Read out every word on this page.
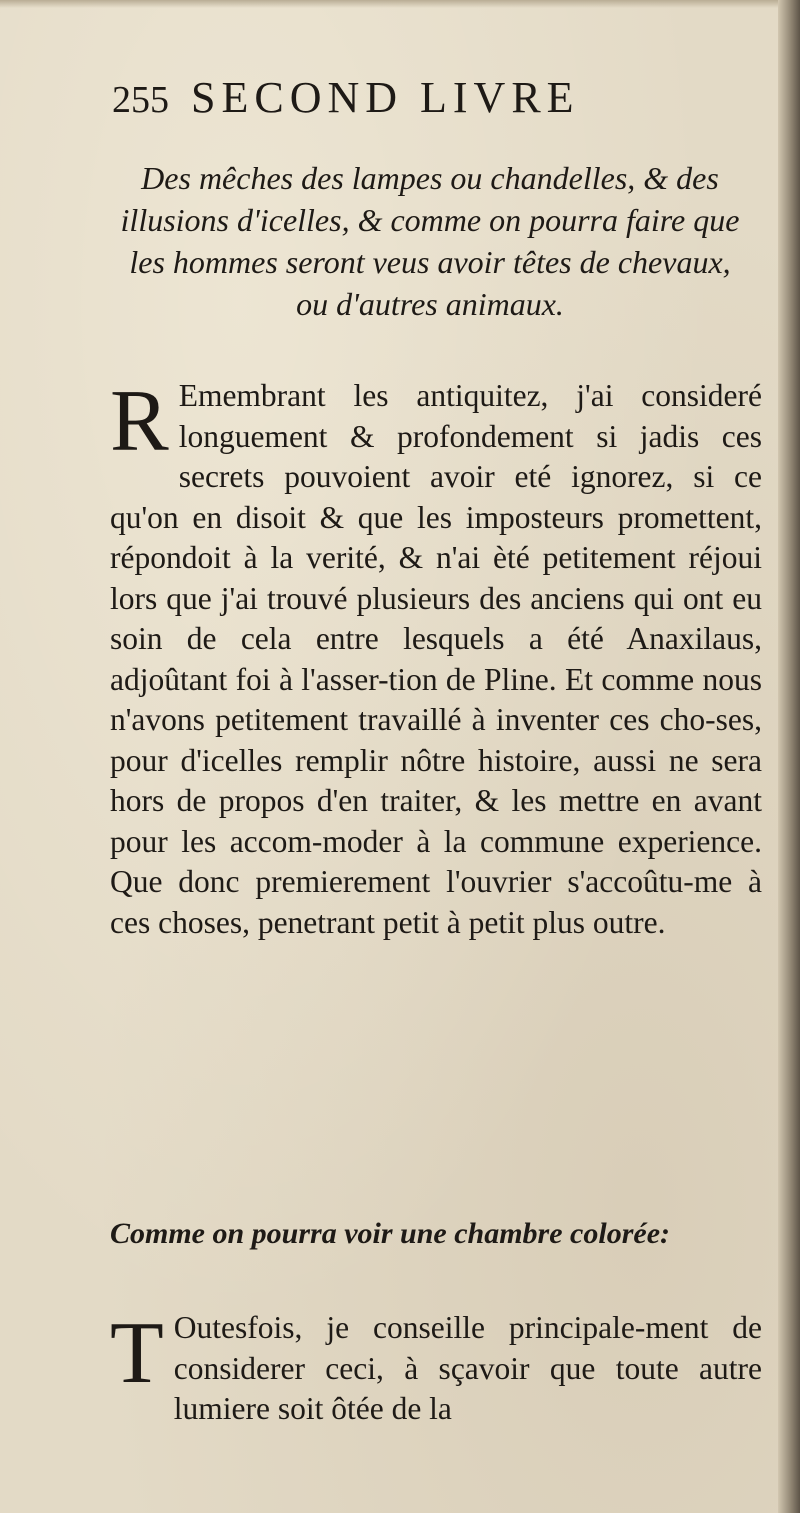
255 SECOND LIVRE
Des mêches des lampes ou chandelles, & des illusions d'icelles, & comme on pourra faire que les hommes seront veus avoir têtes de chevaux, ou d'autres animaux.
R Emembrant les antiquitez, j'ai consideré longuement & profondement si jadis ces secrets pouvoient avoir eté ignorez, si ce qu'on en disoit & que les imposteurs promettent, répondoit à la verité, & n'ai èté petitement réjoui lors que j'ai trouvé plusieurs des anciens qui ont eu soin de cela entre lesquels a été Anaxilaus, adjoûtant foi à l'asser-tion de Pline. Et comme nous n'avons petitement travaillé à inventer ces cho-ses, pour d'icelles remplir nôtre histoire, aussi ne sera hors de propos d'en traiter, & les mettre en avant pour les accom-moder à la commune experience. Que donc premierement l'ouvrier s'accoûtu-me à ces choses, penetrant petit à petit plus outre.
Comme on pourra voir une chambre colorée:
T Outesfois, je conseille principale-ment de considerer ceci, à sçavoir que toute autre lumiere soit ôtée de la
